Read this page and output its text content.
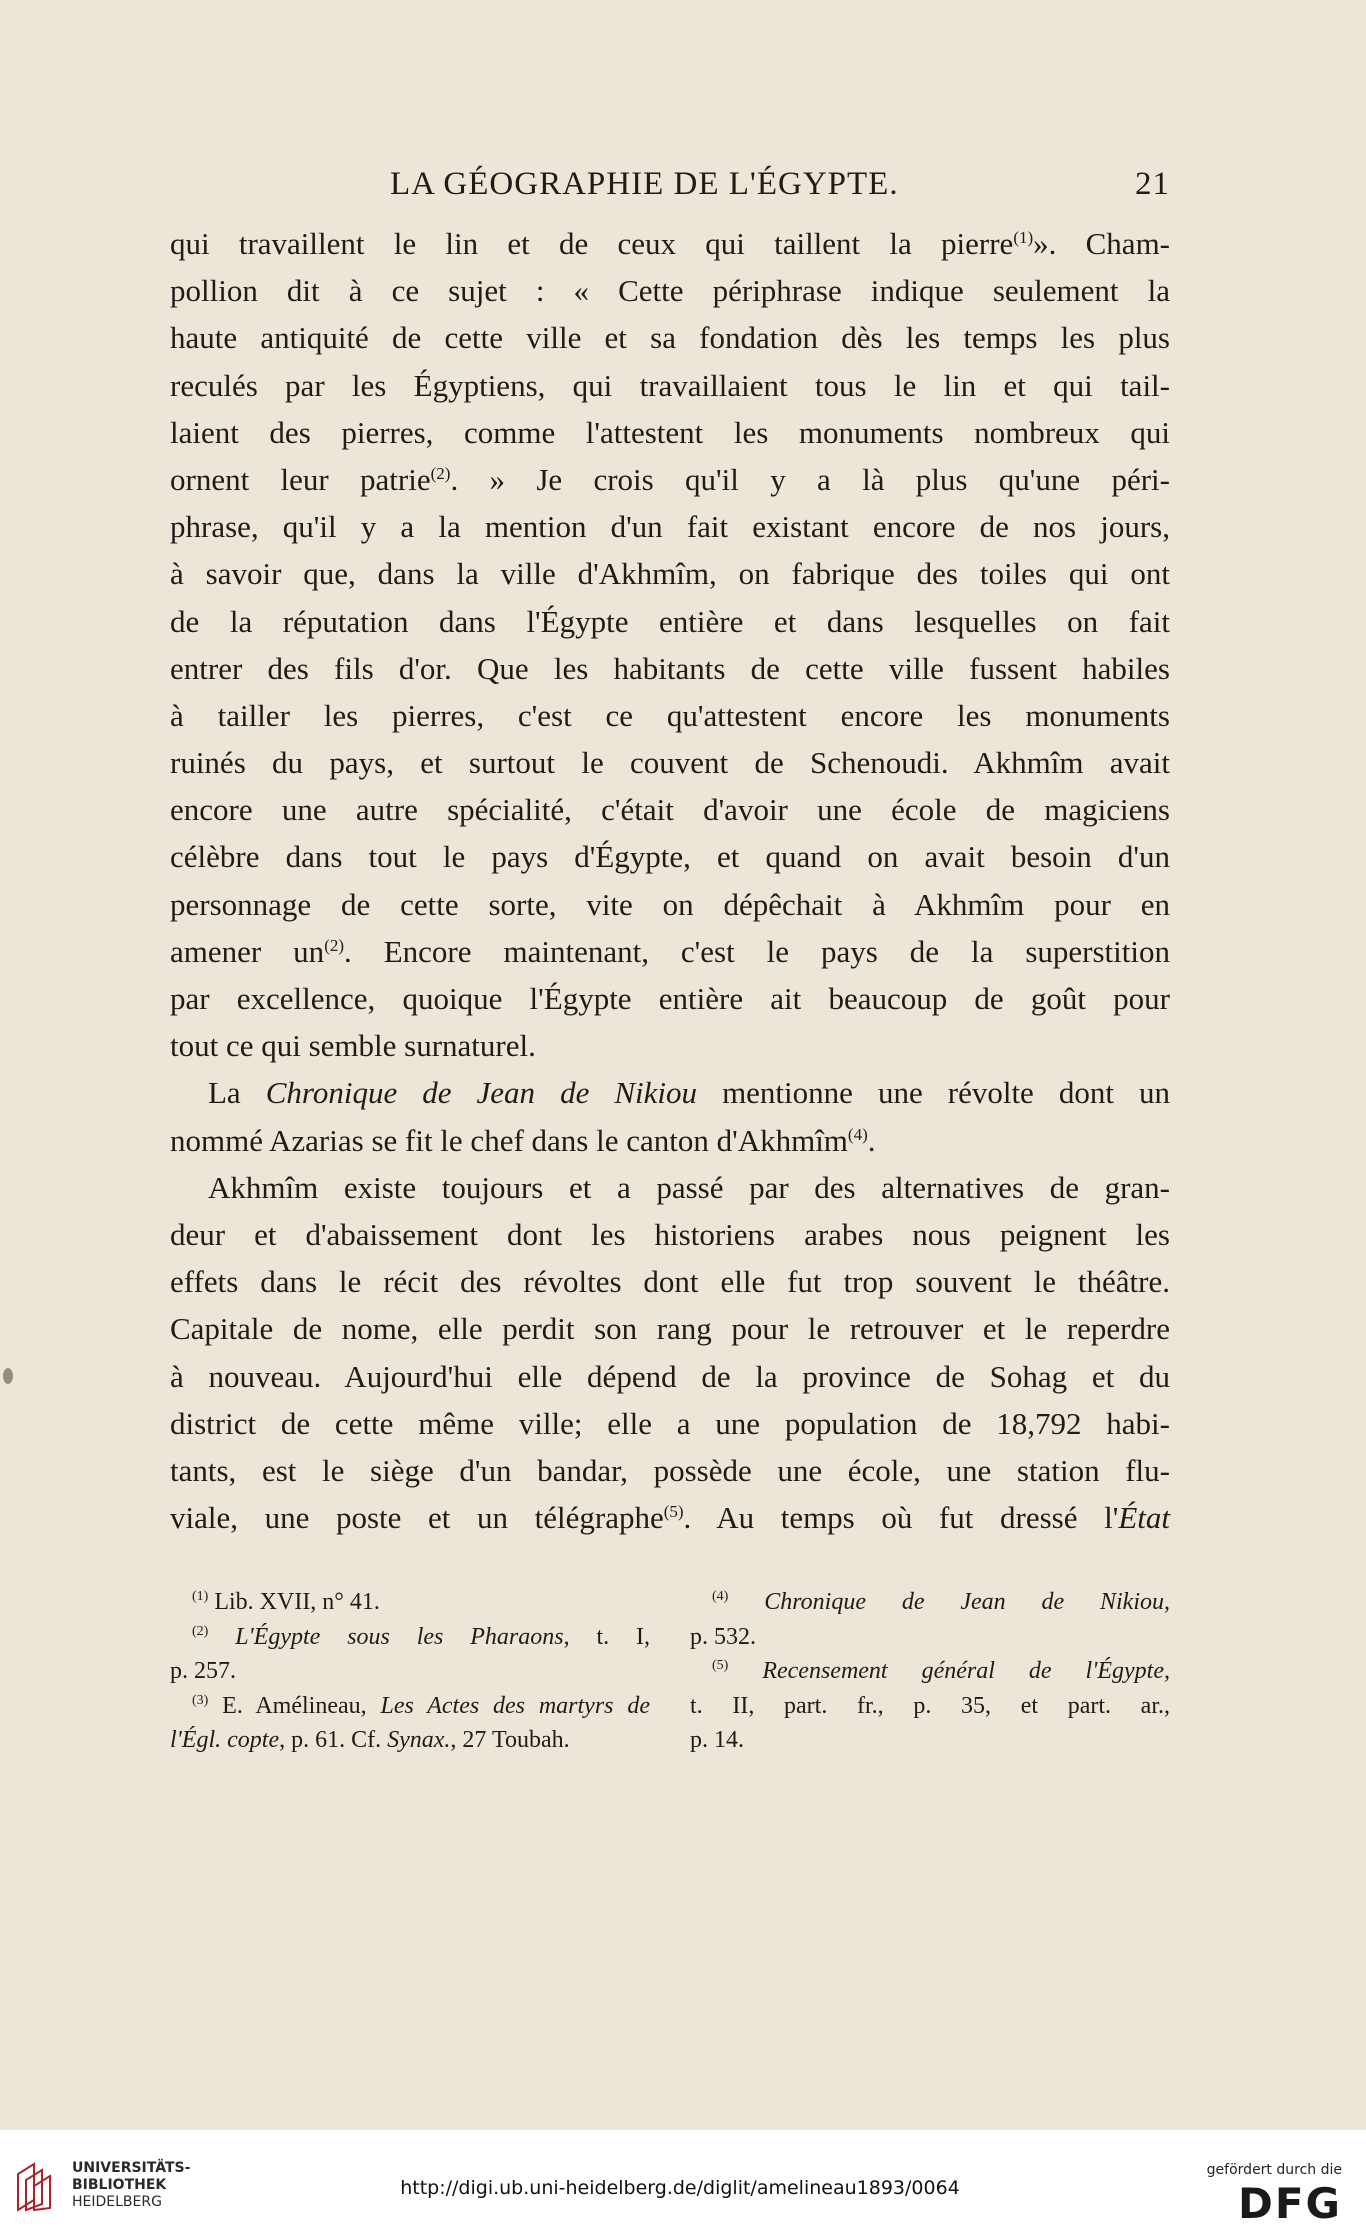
LA GÉOGRAPHIE DE L'ÉGYPTE.	21
qui travaillent le lin et de ceux qui taillent la pierre$^{(1)}$». Cham-
pollion dit à ce sujet : « Cette périphrase indique seulement la
haute antiquité de cette ville et sa fondation dès les temps les plus
reculés par les Égyptiens, qui travaillaient tous le lin et qui tail-
laient des pierres, comme l'attestent les monuments nombreux qui
ornent leur patrie$^{(2)}$. » Je crois qu'il y a là plus qu'une péri-
phrase, qu'il y a la mention d'un fait existant encore de nos jours,
à savoir que, dans la ville d'Akhmîm, on fabrique des toiles qui ont
de la réputation dans l'Égypte entière et dans lesquelles on fait
entrer des fils d'or. Que les habitants de cette ville fussent habiles
à tailler les pierres, c'est ce qu'attestent encore les monuments
ruinés du pays, et surtout le couvent de Schenoudi. Akhmîm avait
encore une autre spécialité, c'était d'avoir une école de magiciens
célèbre dans tout le pays d'Égypte, et quand on avait besoin d'un
personnage de cette sorte, vite on dépêchait à Akhmîm pour en
amener $un^{(2)}$. Encore maintenant, c'est le pays de la superstition
par excellence, quoique l'Égypte entière ait beaucoup de goût pour
tout ce qui semble surnaturel.
La Chronique de Jean de Nikiou mentionne une révolte dont un
nommé Azarias se fit le chef dans le canton d'Akhmîm$^{(4)}$.
Akhmîm existe toujours et a passé par des alternatives de gran-
deur et d'abaissement dont les historiens arabes nous peignent les
effets dans le récit des révoltes dont elle fut trop souvent le théâtre.
Capitale de nome, elle perdit son rang pour le retrouver et le reperdre
à nouveau. Aujourd'hui elle dépend de la province de Sohag et du
district de cette même ville; elle a une population de 18,792 habi-
tants, est le siège d'un bandar, possède une école, une station flu-
viale, une poste et un télégraphe$^{(5)}$. Au temps où fut dressé l'État
$^{(1)}$ Lib. XVII, n° 41.
$^{(2)}$ L'Égypte sous les Pharaons, t. I,
p. 257.
$^{(3)}$ E. Amélineau, Les Actes des martyrs de
l'Égl. copte, p. 61. Cf. Synax., 27 Toubah.
$^{(4)}$ Chronique de Jean de Nikiou,
p. 532.
$^{(5)}$ Recensement général de l'Égypte,
t. II, part. fr., p. 35, et part. ar.,
p. 14.
UNIVERSITÄTS-
BIBLIOTHEK
HEIDELBERG
http://digi.ub.uni-heidelberg.de/diglit/amelineau1893/0064
gefördert durch die
DFG
